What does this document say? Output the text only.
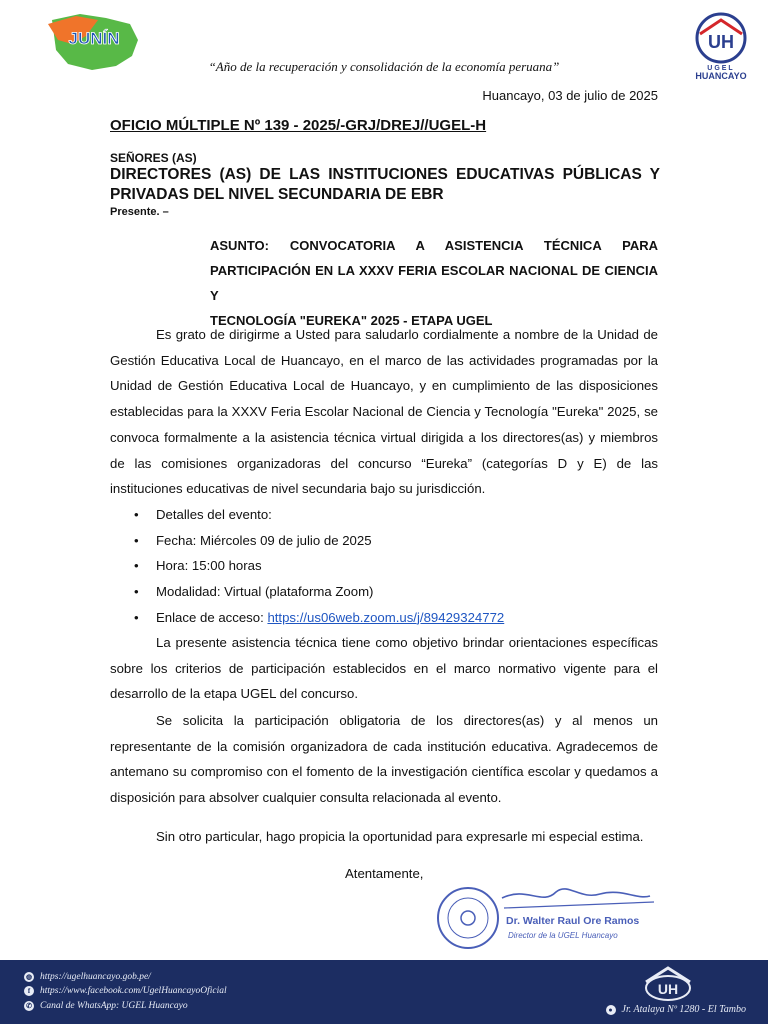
JUNÍN	UH
UGEL
HUANCAYO
“Año de la recuperación y consolidación de la economía peruana”
Huancayo, 03 de julio de 2025
OFICIO MÚLTIPLE Nº 139 - 2025/-GRJ/DREJ//UGEL-H
SEÑORES (AS)
DIRECTORES (AS) DE LAS INSTITUCIONES EDUCATIVAS PÚBLICAS Y
PRIVADAS DEL NIVEL SECUNDARIA DE EBR
Presente. –
ASUNTO: CONVOCATORIA A ASISTENCIA TÉCNICA PARA
PARTICIPACIÓN EN LA XXXV FERIA ESCOLAR NACIONAL DE CIENCIA Y
TECNOLOGÍA "EUREKA" 2025 - ETAPA UGEL
Es grato de dirigirme a Usted para saludarlo cordialmente a nombre de la Unidad de Gestión Educativa Local de Huancayo, en el marco de las actividades programadas por la Unidad de Gestión Educativa Local de Huancayo, y en cumplimiento de las disposiciones establecidas para la XXXV Feria Escolar Nacional de Ciencia y Tecnología "Eureka" 2025, se convoca formalmente a la asistencia técnica virtual dirigida a los directores(as) y miembros de las comisiones organizadoras del concurso “Eureka” (categorías D y E) de las instituciones educativas de nivel secundaria bajo su jurisdicción.
• Detalles del evento:
• Fecha: Miércoles 09 de julio de 2025
• Hora: 15:00 horas
• Modalidad: Virtual (plataforma Zoom)
• Enlace de acceso: https://us06web.zoom.us/j/89429324772
La presente asistencia técnica tiene como objetivo brindar orientaciones específicas sobre los criterios de participación establecidos en el marco normativo vigente para el desarrollo de la etapa UGEL del concurso.
Se solicita la participación obligatoria de los directores(as) y al menos un representante de la comisión organizadora de cada institución educativa. Agradecemos de antemano su compromiso con el fomento de la investigación científica escolar y quedamos a disposición para absolver cualquier consulta relacionada al evento.
Sin otro particular, hago propicia la oportunidad para expresarle mi especial estima.
Atentamente,
Dr. Walter Raul Ore Ramos
Director de la UGEL Huancayo
◍ https://ugelhuancayo.gob.pe/
f https://www.facebook.com/UgelHuancayoOficial
✆ Canal de WhatsApp: UGEL Huancayo
UH
● Jr. Atalaya Nº 1280 - El Tambo
